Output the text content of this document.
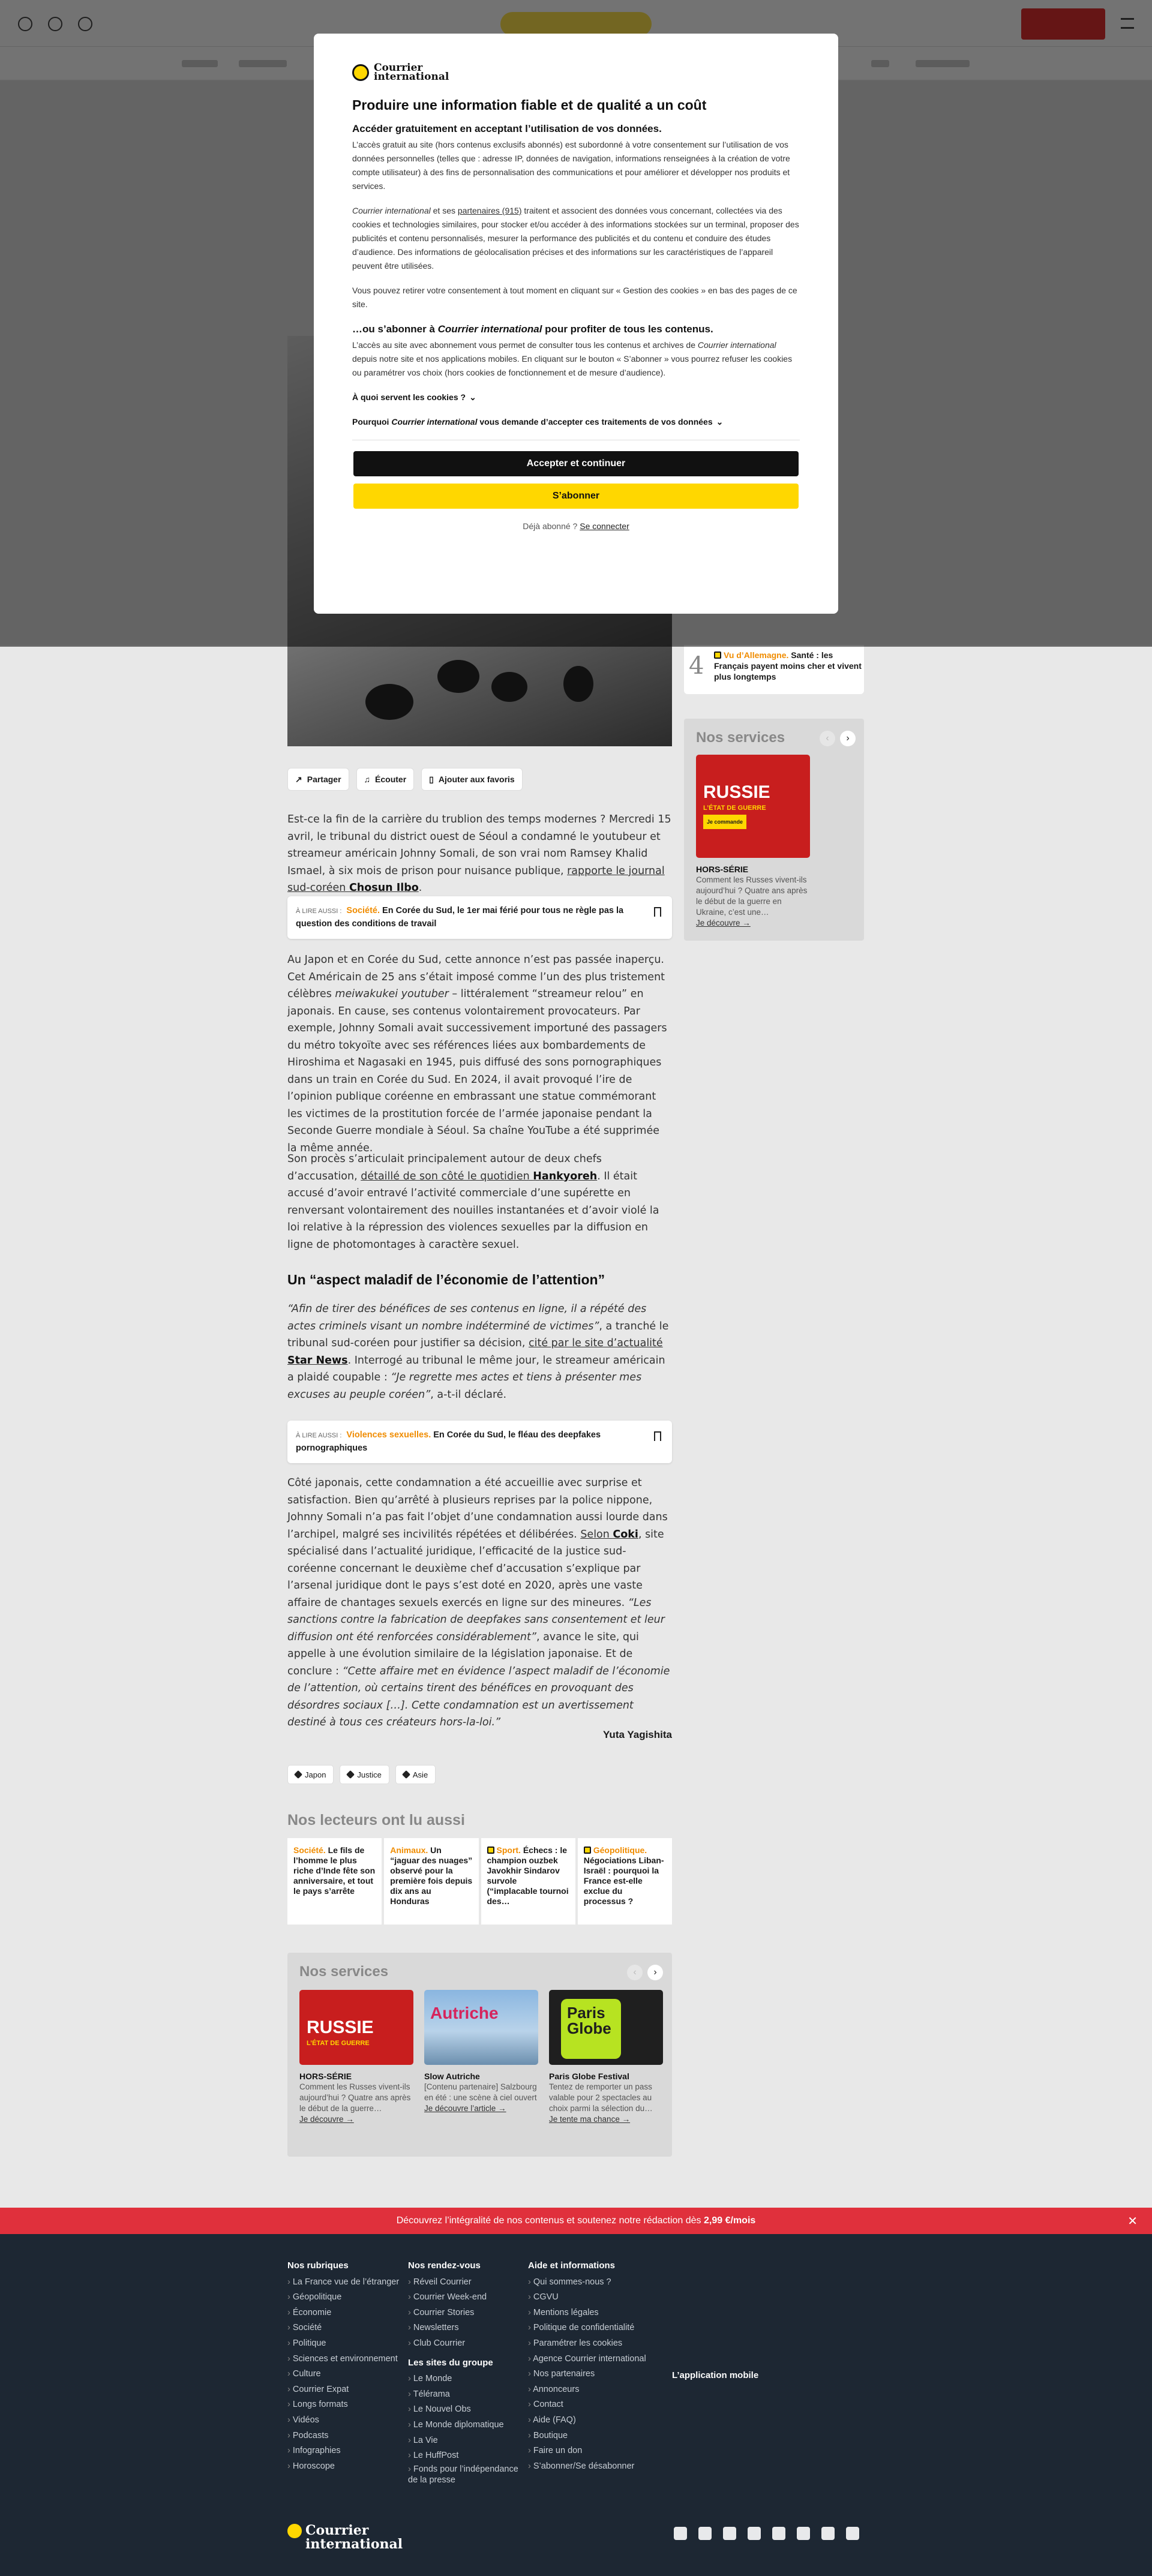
4	Vu d’Allemagne. Santé : les Français payent moins cher et vivent plus longtemps
Nos services	‹	›
RUSSIE
L’ÉTAT DE GUERRE
Je commande
HORS-SÉRIE
Comment les Russes vivent-ils aujourd’hui ? Quatre ans après le début de la guerre en Ukraine, c’est une…
Je découvre →
↗ Partager	♫ Écouter	▯ Ajouter aux favoris
Est-ce la fin de la carrière du trublion des temps modernes ? Mercredi 15 avril, le tribunal du district ouest de Séoul a condamné le youtubeur et streameur américain Johnny Somali, de son vrai nom Ramsey Khalid Ismael, à six mois de prison pour nuisance publique, rapporte le journal sud-coréen Chosun Ilbo.
À LIRE AUSSI : Société. En Corée du Sud, le 1er mai férié pour tous ne règle pas la question des conditions de travail
Au Japon et en Corée du Sud, cette annonce n’est pas passée inaperçu. Cet Américain de 25 ans s’était imposé comme l’un des plus tristement célèbres meiwakukei youtuber – littéralement “streameur relou” en japonais. En cause, ses contenus volontairement provocateurs. Par exemple, Johnny Somali avait successivement importuné des passagers du métro tokyoïte avec ses références liées aux bombardements de Hiroshima et Nagasaki en 1945, puis diffusé des sons pornographiques dans un train en Corée du Sud. En 2024, il avait provoqué l’ire de l’opinion publique coréenne en embrassant une statue commémorant les victimes de la prostitution forcée de l’armée japonaise pendant la Seconde Guerre mondiale à Séoul. Sa chaîne YouTube a été supprimée la même année.
Son procès s’articulait principalement autour de deux chefs d’accusation, détaillé de son côté le quotidien Hankyoreh. Il était accusé d’avoir entravé l’activité commerciale d’une supérette en renversant volontairement des nouilles instantanées et d’avoir violé la loi relative à la répression des violences sexuelles par la diffusion en ligne de photomontages à caractère sexuel.
Un “aspect maladif de l’économie de l’attention”
“Afin de tirer des bénéfices de ses contenus en ligne, il a répété des actes criminels visant un nombre indéterminé de victimes”, a tranché le tribunal sud-coréen pour justifier sa décision, cité par le site d’actualité Star News. Interrogé au tribunal le même jour, le streameur américain a plaidé coupable : “Je regrette mes actes et tiens à présenter mes excuses au peuple coréen”, a-t-il déclaré.
À LIRE AUSSI : Violences sexuelles. En Corée du Sud, le fléau des deepfakes pornographiques
Côté japonais, cette condamnation a été accueillie avec surprise et satisfaction. Bien qu’arrêté à plusieurs reprises par la police nippone, Johnny Somali n’a pas fait l’objet d’une condamnation aussi lourde dans l’archipel, malgré ses incivilités répétées et délibérées. Selon Coki, site spécialisé dans l’actualité juridique, l’efficacité de la justice sud-coréenne concernant le deuxième chef d’accusation s’explique par l’arsenal juridique dont le pays s’est doté en 2020, après une vaste affaire de chantages sexuels exercés en ligne sur des mineures. “Les sanctions contre la fabrication de deepfakes sans consentement et leur diffusion ont été renforcées considérablement”, avance le site, qui appelle à une évolution similaire de la législation japonaise. Et de conclure : “Cette affaire met en évidence l’aspect maladif de l’économie de l’attention, où certains tirent des bénéfices en provoquant des désordres sociaux […]. Cette condamnation est un avertissement destiné à tous ces créateurs hors-la-loi.”
Yuta Yagishita
Japon	Justice	Asie
Nos lecteurs ont lu aussi
Société. Le fils de l’homme le plus riche d’Inde fête son anniversaire, et tout le pays s’arrête
Animaux. Un “jaguar des nuages” observé pour la première fois depuis dix ans au Honduras
Sport. Échecs : le champion ouzbek Javokhir Sindarov survole (“implacable tournoi des…
Géopolitique. Négociations Liban-Israël : pourquoi la France est-elle exclue du processus ?
Nos services	‹	›
RUSSIE
L’ÉTAT DE GUERRE
HORS-SÉRIE
Comment les Russes vivent-ils aujourd’hui ? Quatre ans après le début de la guerre…
Je découvre →
Autriche
Slow Autriche
[Contenu partenaire] Salzbourg en été : une scène à ciel ouvert
Je découvre l’article →
Paris Globe
Paris Globe Festival
Tentez de remporter un pass valable pour 2 spectacles au choix parmi la sélection du…
Je tente ma chance →
Découvrez l’intégralité de nos contenus et soutenez notre rédaction dès
2,99 €/mois	✕
Nos rubriques
› La France vue de l’étranger
› Géopolitique
› Économie
› Société
› Politique
› Sciences et environnement
› Culture
› Courrier Expat
› Longs formats
› Vidéos
› Podcasts
› Infographies
› Horoscope
Nos rendez-vous
› Réveil Courrier
› Courrier Week-end
› Courrier Stories
› Newsletters
› Club Courrier
Les sites du groupe
› Le Monde
› Télérama
› Le Nouvel Obs
› Le Monde diplomatique
› La Vie
› Le HuffPost
› Fonds pour l’indépendance de la presse
Aide et informations
› Qui sommes-nous ?
› CGVU
› Mentions légales
› Politique de confidentialité
› Paramétrer les cookies
› Agence Courrier international
› Nos partenaires
› Annonceurs
› Contact
› Aide (FAQ)
› Boutique
› Faire un don
› S’abonner/Se désabonner
L’application mobile
Courrier
international
Courrier
international
Produire une information fiable et de qualité a un coût
Accéder gratuitement en acceptant l’utilisation de vos données.

L’accès gratuit au site (hors contenus exclusifs abonnés) est subordonné à votre consentement sur l’utilisation de vos données personnelles (telles que : adresse IP, données de navigation, informations renseignées à la création de votre compte utilisateur) à des fins de personnalisation des communications et pour améliorer et développer nos produits et services.

Courrier international et ses partenaires (915) traitent et associent des données vous concernant, collectées via des cookies et technologies similaires, pour stocker et/ou accéder à des informations stockées sur un terminal, proposer des publicités et contenu personnalisés, mesurer la performance des publicités et du contenu et conduire des études d’audience. Des informations de géolocalisation précises et des informations sur les caractéristiques de l’appareil peuvent être utilisées.

Vous pouvez retirer votre consentement à tout moment en cliquant sur « Gestion des cookies » en bas des pages de ce site.

…ou s’abonner à Courrier international pour profiter de tous les contenus.

L’accès au site avec abonnement vous permet de consulter tous les contenus et archives de Courrier international depuis notre site et nos applications mobiles. En cliquant sur le bouton « S’abonner » vous pourrez refuser les cookies ou paramétrer vos choix (hors cookies de fonctionnement et de mesure d’audience).

À quoi servent les cookies ? ⌄
Pourquoi Courrier international vous demande d’accepter ces traitements de vos données ⌄
Accepter et continuer
S’abonner
Déjà abonné ? Se connecter
